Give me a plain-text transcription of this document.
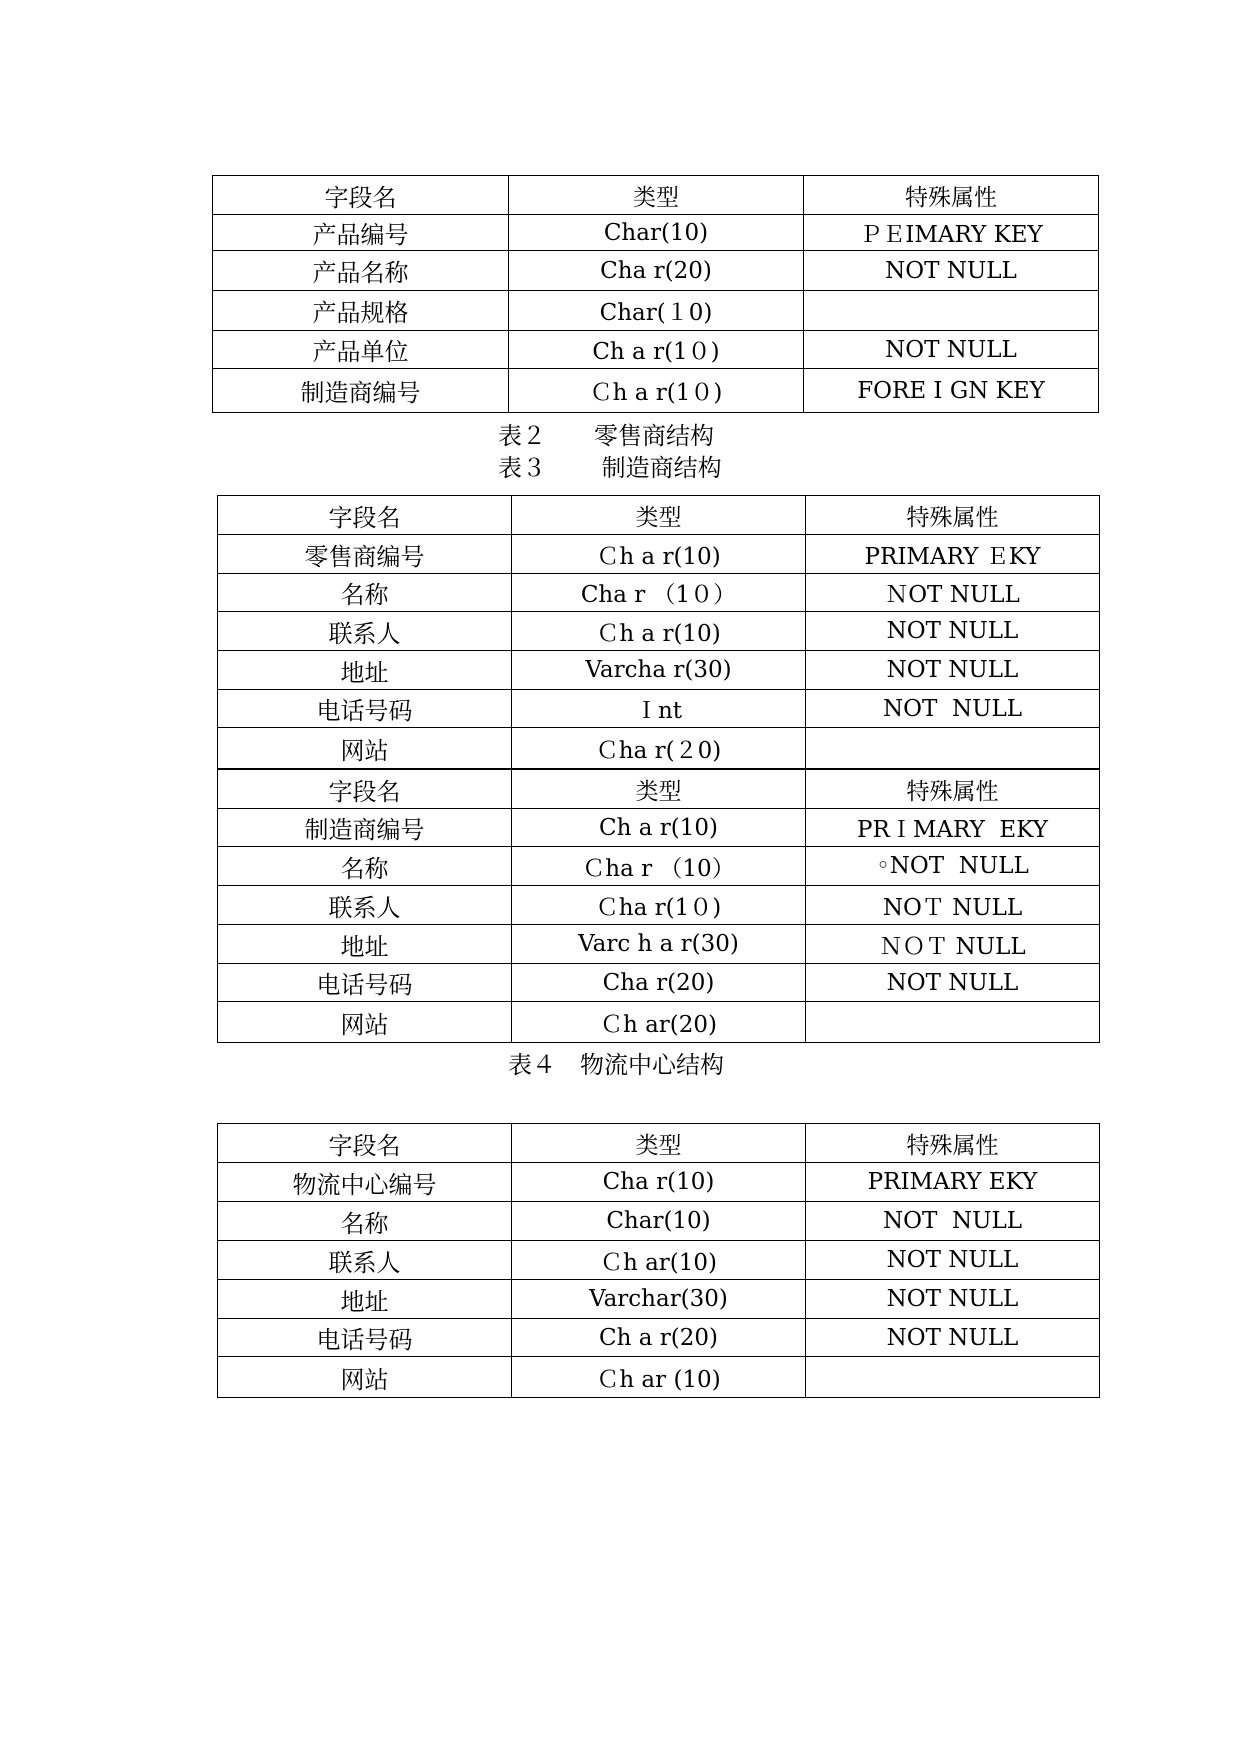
字段名	类型	特殊属性
产品编号	Char(10)	ＰＥIMARY KEY
产品名称	Cha r(20)	NOT NULL
产品规格	Char(１0)	
产品单位	Ch a r(1０)	NOT NULL
制造商编号	Ｃh a r(1０)	FORE I GN KEY
表２　　零售商结构
表３　　 制造商结构
字段名	类型	特殊属性
零售商编号	Ｃh a r(10)	PRIMARY ＥKY
名称	Cha r （1０）	ＮOT NULL
联系人	Ｃh a r(10)	NOT NULL
地址	Varcha r(30)	NOT NULL
电话号码	Ｉnt	NOT  NULL
网站	Ｃha r(２0)	
字段名	类型	特殊属性
制造商编号	Ch a r(10)	PRＩMARY  EKY
名称	Ｃha r （10）	◦NOT  NULL
联系人	Ｃha r(1０)	NOＴ NULL
地址	Varc h a r(30)	ＮＯＴ NULL
电话号码	Cha r(20)	NOT NULL
网站	Ｃh ar(20)	
表４　物流中心结构
字段名	类型	特殊属性
物流中心编号	Cha r(10)	PRIMARY EKY
名称	Char(10)	NOT  NULL
联系人	Ｃh ar(10)	NOT NULL
地址	Varchar(30)	NOT NULL
电话号码	Ch a r(20)	NOT NULL
网站	Ｃh ar (10)	
